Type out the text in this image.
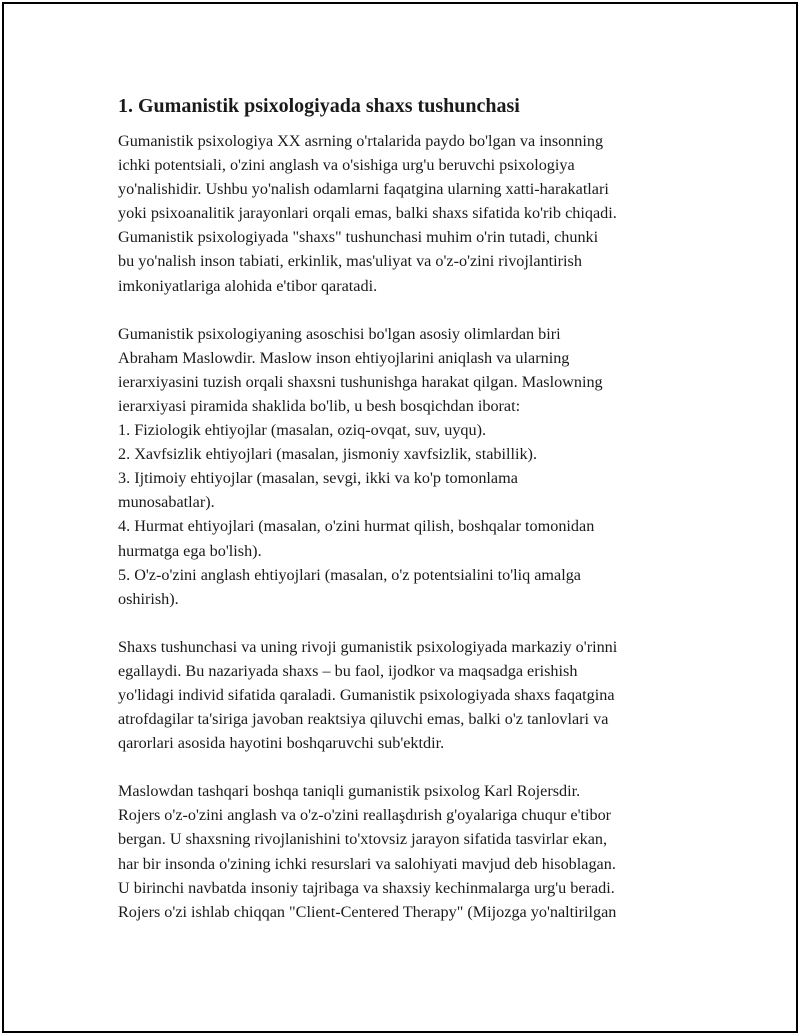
1. Gumanistik psixologiyada shaxs tushunchasi

Gumanistik psixologiya XX asrning o'rtalarida paydo bo'lgan va insonning
ichki potentsiali, o'zini anglash va o'sishiga urg'u beruvchi psixologiya
yo'nalishidir. Ushbu yo'nalish odamlarni faqatgina ularning xatti-harakatlari
yoki psixoanalitik jarayonlari orqali emas, balki shaxs sifatida ko'rib chiqadi.
Gumanistik psixologiyada "shaxs" tushunchasi muhim o'rin tutadi, chunki
bu yo'nalish inson tabiati, erkinlik, mas'uliyat va o'z-o'zini rivojlantirish
imkoniyatlariga alohida e'tibor qaratadi.

Gumanistik psixologiyaning asoschisi bo'lgan asosiy olimlardan biri
Abraham Maslowdir. Maslow inson ehtiyojlarini aniqlash va ularning
ierarxiyasini tuzish orqali shaxsni tushunishga harakat qilgan. Maslowning
ierarxiyasi piramida shaklida bo'lib, u besh bosqichdan iborat:
1. Fiziologik ehtiyojlar (masalan, oziq-ovqat, suv, uyqu).
2. Xavfsizlik ehtiyojlari (masalan, jismoniy xavfsizlik, stabillik).
3. Ijtimoiy ehtiyojlar (masalan, sevgi, ikki va ko'p tomonlama
munosabatlar).
4. Hurmat ehtiyojlari (masalan, o'zini hurmat qilish, boshqalar tomonidan
hurmatga ega bo'lish).
5. O'z-o'zini anglash ehtiyojlari (masalan, o'z potentsialini to'liq amalga
oshirish).

Shaxs tushunchasi va uning rivoji gumanistik psixologiyada markaziy o'rinni
egallaydi. Bu nazariyada shaxs – bu faol, ijodkor va maqsadga erishish
yo'lidagi individ sifatida qaraladi. Gumanistik psixologiyada shaxs faqatgina
atrofdagilar ta'siriga javoban reaktsiya qiluvchi emas, balki o'z tanlovlari va
qarorlari asosida hayotini boshqaruvchi sub'ektdir.

Maslowdan tashqari boshqa taniqli gumanistik psixolog Karl Rojersdir.
Rojers o'z-o'zini anglash va o'z-o'zini reallaşdırish g'oyalariga chuqur e'tibor
bergan. U shaxsning rivojlanishini to'xtovsiz jarayon sifatida tasvirlar ekan,
har bir insonda o'zining ichki resurslari va salohiyati mavjud deb hisoblagan.
U birinchi navbatda insoniy tajribaga va shaxsiy kechinmalarga urg'u beradi.
Rojers o'zi ishlab chiqqan "Client-Centered Therapy" (Mijozga yo'naltirilgan
